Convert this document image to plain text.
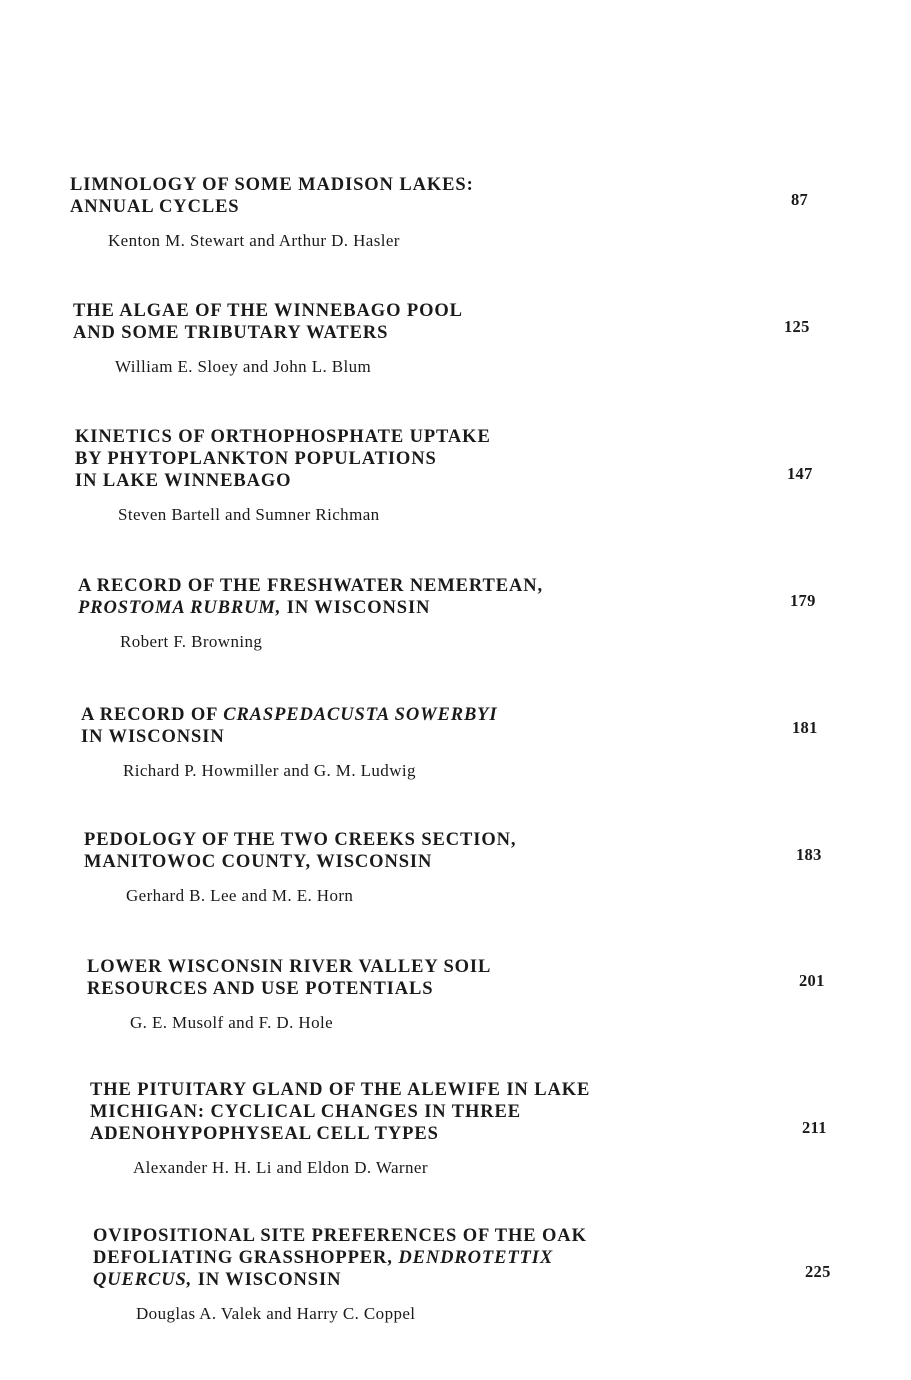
LIMNOLOGY OF SOME MADISON LAKES:
ANNUAL CYCLES
Kenton M. Stewart and Arthur D. Hasler
87
THE ALGAE OF THE WINNEBAGO POOL
AND SOME TRIBUTARY WATERS
William E. Sloey and John L. Blum
125
KINETICS OF ORTHOPHOSPHATE UPTAKE
BY PHYTOPLANKTON POPULATIONS
IN LAKE WINNEBAGO
Steven Bartell and Sumner Richman
147
A RECORD OF THE FRESHWATER NEMERTEAN,
PROSTOMA RUBRUM, IN WISCONSIN
Robert F. Browning
179
A RECORD OF CRASPEDACUSTA SOWERBYI
IN WISCONSIN
Richard P. Howmiller and G. M. Ludwig
181
PEDOLOGY OF THE TWO CREEKS SECTION,
MANITOWOC COUNTY, WISCONSIN
Gerhard B. Lee and M. E. Horn
183
LOWER WISCONSIN RIVER VALLEY SOIL
RESOURCES AND USE POTENTIALS
G. E. Musolf and F. D. Hole
201
THE PITUITARY GLAND OF THE ALEWIFE IN LAKE
MICHIGAN: CYCLICAL CHANGES IN THREE
ADENOHYPOPHYSEAL CELL TYPES
Alexander H. H. Li and Eldon D. Warner
211
OVIPOSITIONAL SITE PREFERENCES OF THE OAK
DEFOLIATING GRASSHOPPER, DENDROTETTIX
QUERCUS, IN WISCONSIN
Douglas A. Valek and Harry C. Coppel
225
